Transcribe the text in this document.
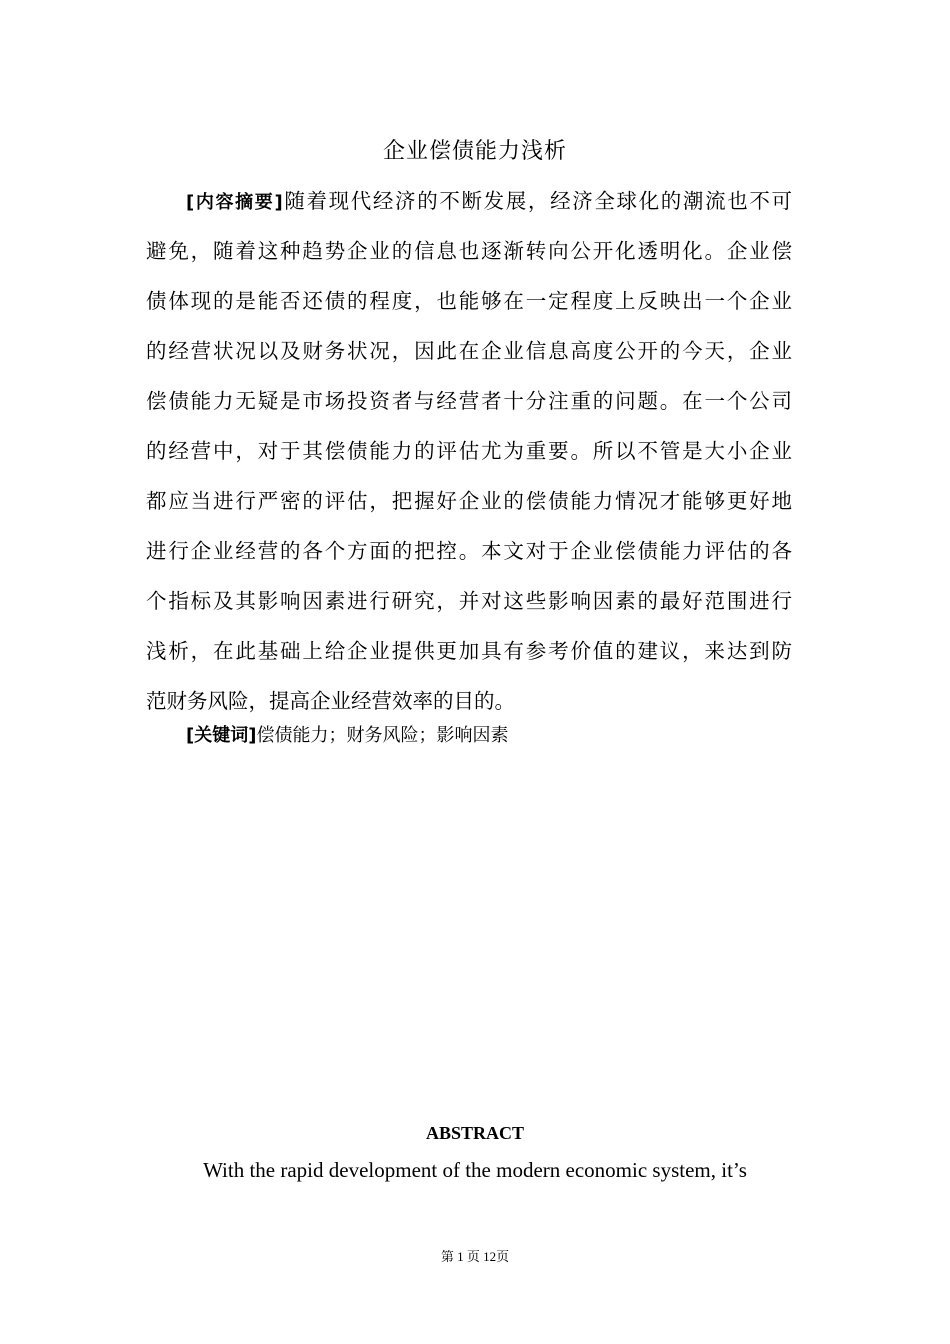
企业偿债能力浅析
[内容摘要]随着现代经济的不断发展，经济全球化的潮流也不可
避免，随着这种趋势企业的信息也逐渐转向公开化透明化。企业偿
债体现的是能否还债的程度，也能够在一定程度上反映出一个企业
的经营状况以及财务状况，因此在企业信息高度公开的今天，企业
偿债能力无疑是市场投资者与经营者十分注重的问题。在一个公司
的经营中，对于其偿债能力的评估尤为重要。所以不管是大小企业
都应当进行严密的评估，把握好企业的偿债能力情况才能够更好地
进行企业经营的各个方面的把控。本文对于企业偿债能力评估的各
个指标及其影响因素进行研究，并对这些影响因素的最好范围进行
浅析，在此基础上给企业提供更加具有参考价值的建议，来达到防
范财务风险，提高企业经营效率的目的。
[关键词]偿债能力；财务风险；影响因素
ABSTRACT
With the rapid development of the modern economic system, it’s
第 1 页 12页
